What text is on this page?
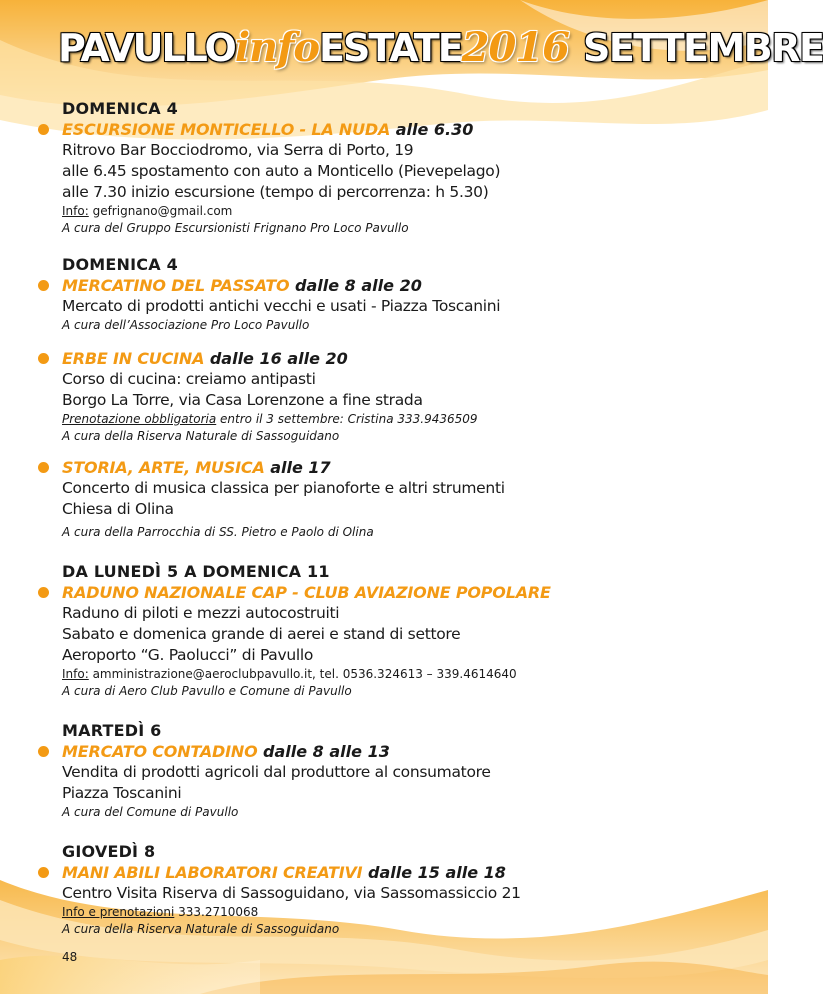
PAVULLO info ESTATE 2016 SETTEMBRE
DOMENICA 4
ESCURSIONE MONTICELLO - LA NUDA alle 6.30
Ritrovo Bar Bocciodromo, via Serra di Porto, 19
alle 6.45 spostamento con auto a Monticello (Pievepelago)
alle 7.30 inizio escursione (tempo di percorrenza: h 5.30)
Info: gefrignano@gmail.com
A cura del Gruppo Escursionisti Frignano Pro Loco Pavullo
DOMENICA 4
MERCATINO DEL PASSATO dalle 8 alle 20
Mercato di prodotti antichi vecchi e usati - Piazza Toscanini
A cura dell’Associazione Pro Loco Pavullo
ERBE IN CUCINA dalle 16 alle 20
Corso di cucina: creiamo antipasti
Borgo La Torre, via Casa Lorenzone a fine strada
Prenotazione obbligatoria entro il 3 settembre: Cristina 333.9436509
A cura della Riserva Naturale di Sassoguidano
STORIA, ARTE, MUSICA alle 17
Concerto di musica classica per pianoforte e altri strumenti
Chiesa di Olina
A cura della Parrocchia di SS. Pietro e Paolo di Olina
DA LUNEDÌ 5 A DOMENICA 11
RADUNO NAZIONALE CAP - CLUB AVIAZIONE POPOLARE
Raduno di piloti e mezzi autocostruiti
Sabato e domenica grande di aerei e stand di settore
Aeroporto “G. Paolucci” di Pavullo
Info: amministrazione@aeroclubpavullo.it, tel. 0536.324613 – 339.4614640
A cura di Aero Club Pavullo e Comune di Pavullo
MARTEDÌ 6
MERCATO CONTADINO dalle 8 alle 13
Vendita di prodotti agricoli dal produttore al consumatore
Piazza Toscanini
A cura del Comune di Pavullo
GIOVEDÌ 8
MANI ABILI LABORATORI CREATIVI dalle 15 alle 18
Centro Visita Riserva di Sassoguidano, via Sassomassiccio 21
Info e prenotazioni 333.2710068
A cura della Riserva Naturale di Sassoguidano
48
